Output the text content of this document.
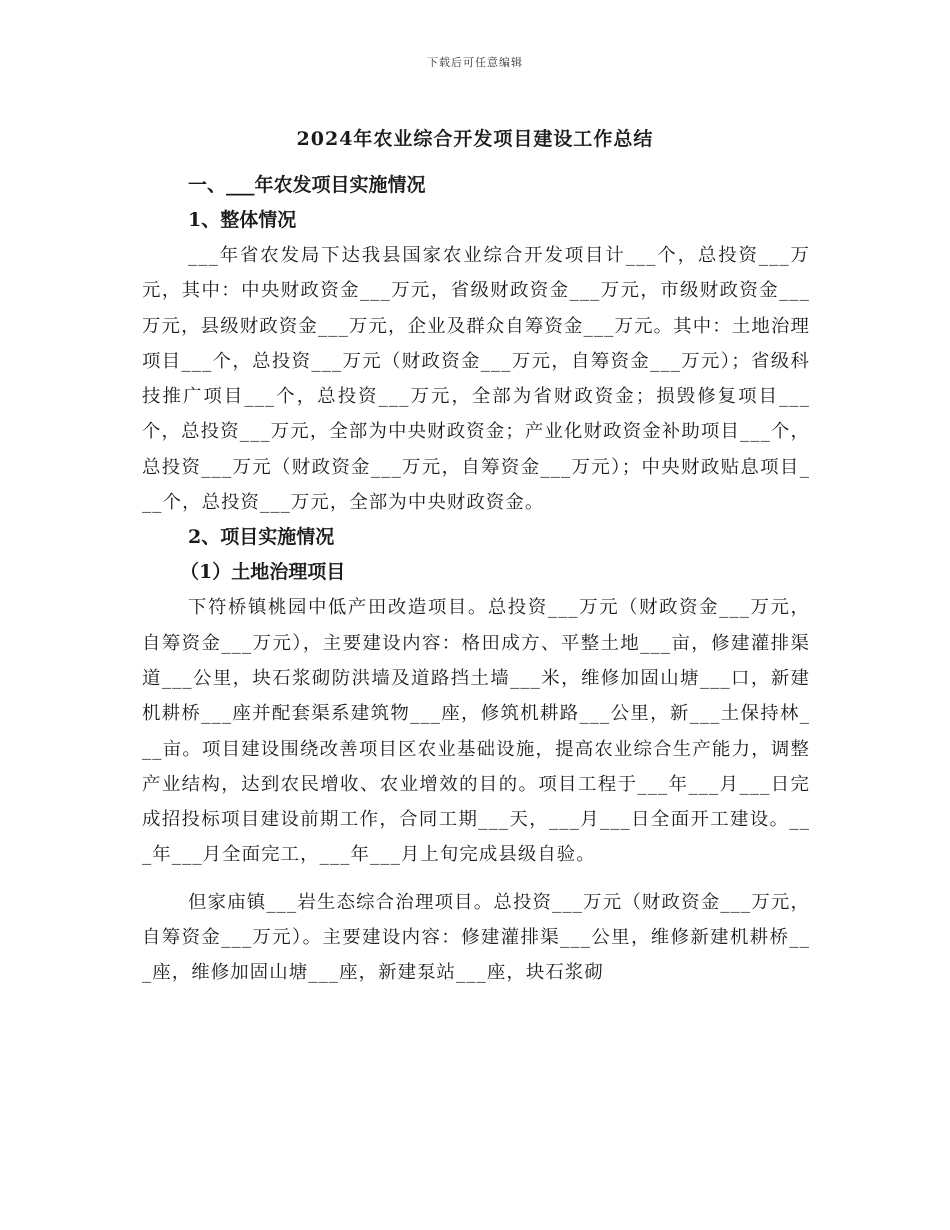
下载后可任意编辑
2024年农业综合开发项目建设工作总结

一、___年农发项目实施情况

1、整体情况

___年省农发局下达我县国家农业综合开发项目计___个，总投资___万元，其中：中央财政资金___万元，省级财政资金___万元，市级财政资金___万元，县级财政资金___万元，企业及群众自筹资金___万元。其中：土地治理项目___个，总投资___万元（财政资金___万元，自筹资金___万元）；省级科技推广项目___个，总投资___万元，全部为省财政资金；损毁修复项目___个，总投资___万元，全部为中央财政资金；产业化财政资金补助项目___个，总投资___万元（财政资金___万元，自筹资金___万元）；中央财政贴息项目___个，总投资___万元，全部为中央财政资金。

2、项目实施情况

（1）土地治理项目

下符桥镇桃园中低产田改造项目。总投资___万元（财政资金___万元，自筹资金___万元），主要建设内容：格田成方、平整土地___亩，修建灌排渠道___公里，块石浆砌防洪墙及道路挡土墙___米，维修加固山塘___口，新建机耕桥___座并配套渠系建筑物___座，修筑机耕路___公里，新___土保持林___亩。项目建设围绕改善项目区农业基础设施，提高农业综合生产能力，调整产业结构，达到农民增收、农业增效的目的。项目工程于___年___月___日完成招投标项目建设前期工作，合同工期___天，___月___日全面开工建设。___年___月全面完工，___年___月上旬完成县级自验。

但家庙镇___岩生态综合治理项目。总投资___万元（财政资金___万元，自筹资金___万元）。主要建设内容：修建灌排渠___公里，维修新建机耕桥___座，维修加固山塘___座，新建泵站___座，块石浆砌
